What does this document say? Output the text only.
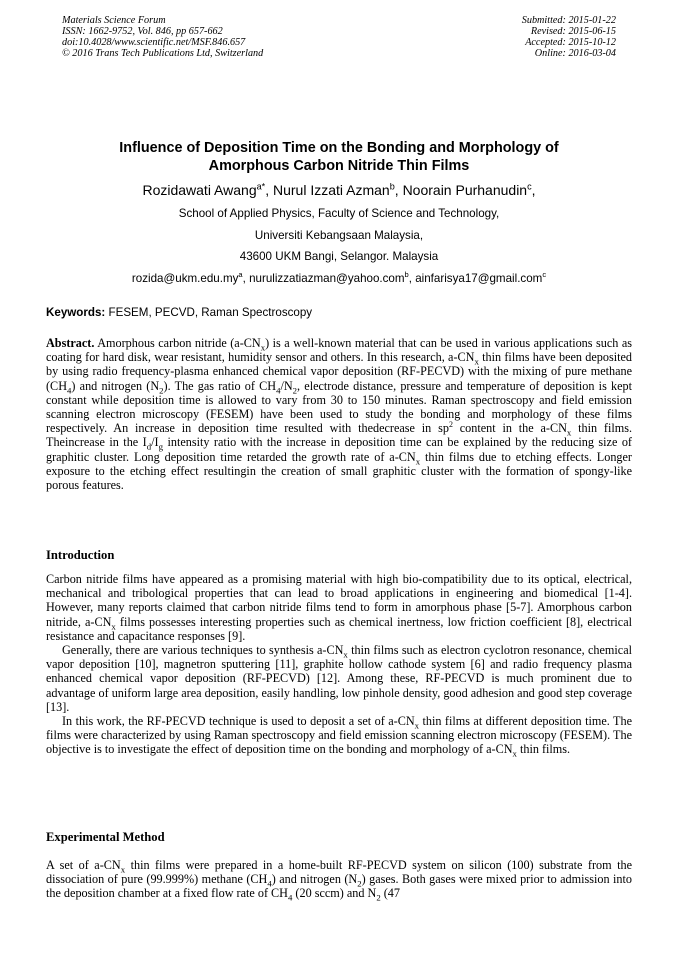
Materials Science Forum
ISSN: 1662-9752, Vol. 846, pp 657-662
doi:10.4028/www.scientific.net/MSF.846.657
© 2016 Trans Tech Publications Ltd, Switzerland
Submitted: 2015-01-22
Revised: 2015-06-15
Accepted: 2015-10-12
Online: 2016-03-04
Influence of Deposition Time on the Bonding and Morphology of
Amorphous Carbon Nitride Thin Films
Rozidawati Awang$^{a*}$, Nurul Izzati Azman$^b$, Noorain Purhanudin$^c$,
School of Applied Physics, Faculty of Science and Technology,
Universiti Kebangsaan Malaysia,
43600 UKM Bangi, Selangor. Malaysia
$rozida@ukm.edu.my^a$, nurulizzatiazman@yahoo.com$^b$, ainfarisya17@gmail.com$^c$
Keywords: FESEM, PECVD, Raman Spectroscopy

Abstract. Amorphous carbon nitride $(a-CN_x)$ is a well-known material that can be used in various applications such as coating for hard disk, wear resistant, humidity sensor and others. In this research, $a-CN_x$ thin films have been deposited by using radio frequency-plasma enhanced chemical vapor deposition (RF-PECVD) with the mixing of pure methane $(CH_4)$ and nitrogen $(N_2)$. The gas ratio of $CH_4/N_2$, electrode distance, pressure and temperature of deposition is kept constant while deposition time is allowed to vary from 30 to 150 minutes. Raman spectroscopy and field emission scanning electron microscopy (FESEM) have been used to study the bonding and morphology of these films respectively. An increase in deposition time resulted with thedecrease in $sp^2$ content in the $a-CN_x$ thin films. Theincrease in the $I_d/I_g$ intensity ratio with the increase in deposition time can be explained by the reducing size of graphitic cluster. Long deposition time retarded the growth rate of $a-CN_x$ thin films due to etching effects. Longer exposure to the etching effect resultingin the creation of small graphitic cluster with the formation of spongy-like porous features.

Introduction

Carbon nitride films have appeared as a promising material with high bio-compatibility due to its optical, electrical, mechanical and tribological properties that can lead to broad applications in engineering and biomedical [1-4]. However, many reports claimed that carbon nitride films tend to form in amorphous phase [5-7]. Amorphous carbon nitride, $a-CN_x$ films possesses interesting properties such as chemical inertness, low friction coefficient [8], electrical resistance and capacitance responses [9].

Generally, there are various techniques to synthesis $a-CN_x$ thin films such as electron cyclotron resonance, chemical vapor deposition [10], magnetron sputtering [11], graphite hollow cathode system [6] and radio frequency plasma enhanced chemical vapor deposition (RF-PECVD) [12]. Among these, RF-PECVD is much prominent due to advantage of uniform large area deposition, easily handling, low pinhole density, good adhesion and good step coverage [13].

In this work, the RF-PECVD technique is used to deposit a set of $a-CN_x$ thin films at different deposition time. The films were characterized by using Raman spectroscopy and field emission scanning electron microscopy (FESEM). The objective is to investigate the effect of deposition time on the bonding and morphology of $a-CN_x$ thin films.

Experimental Method

A set of $a-CN_x$ thin films were prepared in a home-built RF-PECVD system on silicon (100) substrate from the dissociation of pure (99.999%) methane $(CH_4)$ and nitrogen $(N_2)$ gases. Both gases were mixed prior to admission into the deposition chamber at a fixed flow rate of $CH_4$ (20 sccm) and $N_2$ (47
